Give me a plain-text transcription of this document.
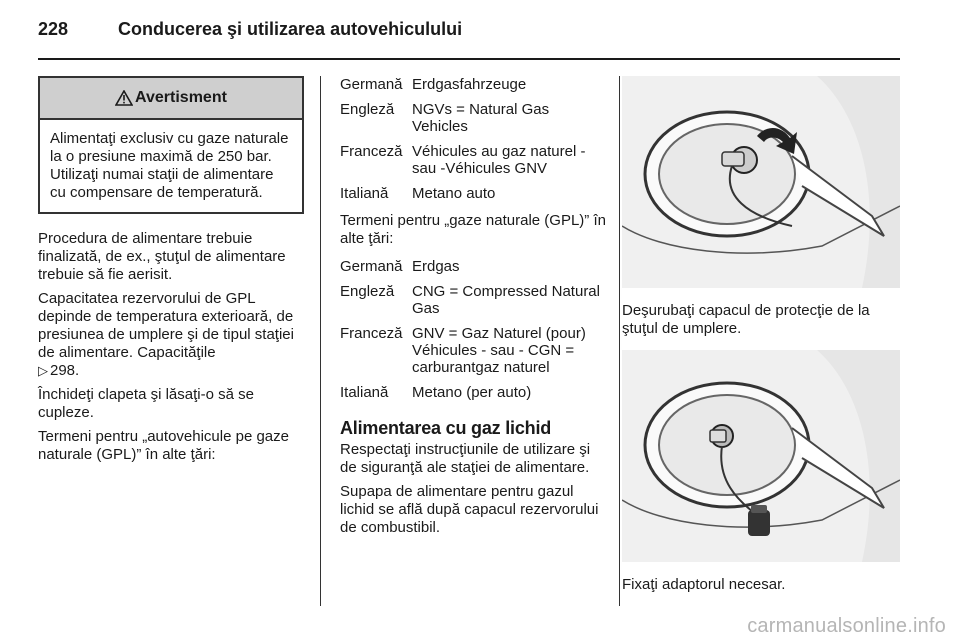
228	Conducerea şi utilizarea autovehiculului
Avertisment
Alimentaţi exclusiv cu gaze naturale la o presiune maximă de 250 bar. Utilizaţi numai staţii de alimentare cu compensare de temperatură.

Procedura de alimentare trebuie finalizată, de ex., ştuţul de alimentare trebuie să fie aerisit.

Capacitatea rezervorului de GPL depinde de temperatura exterioară, de presiunea de umplere şi de tipul staţiei de alimentare. Capacităţile
▷ 298.

Închideţi clapeta şi lăsaţi-o să se cupleze.

Termeni pentru „autovehicule pe gaze naturale (GPL)” în alte ţări:

Germană	Erdgasfahrzeuge
Engleză	NGVs = Natural Gas Vehicles
Franceză	Véhicules au gaz naturel - sau -Véhicules GNV
Italiană	Metano auto

Termeni pentru „gaze naturale (GPL)” în alte ţări:

Germană	Erdgas
Engleză	CNG = Compressed Natural Gas
Franceză	GNV = Gaz Naturel (pour) Véhicules - sau - CGN = carburantgaz naturel
Italiană	Metano (per auto)
Alimentarea cu gaz lichid

Respectaţi instrucţiunile de utilizare şi de siguranţă ale staţiei de alimentare.

Supapa de alimentare pentru gazul lichid se află după capacul rezervorului de combustibil.

Deşurubaţi capacul de protecţie de la ştuţul de umplere.

Fixaţi adaptorul necesar.

carmanualsonline.info
